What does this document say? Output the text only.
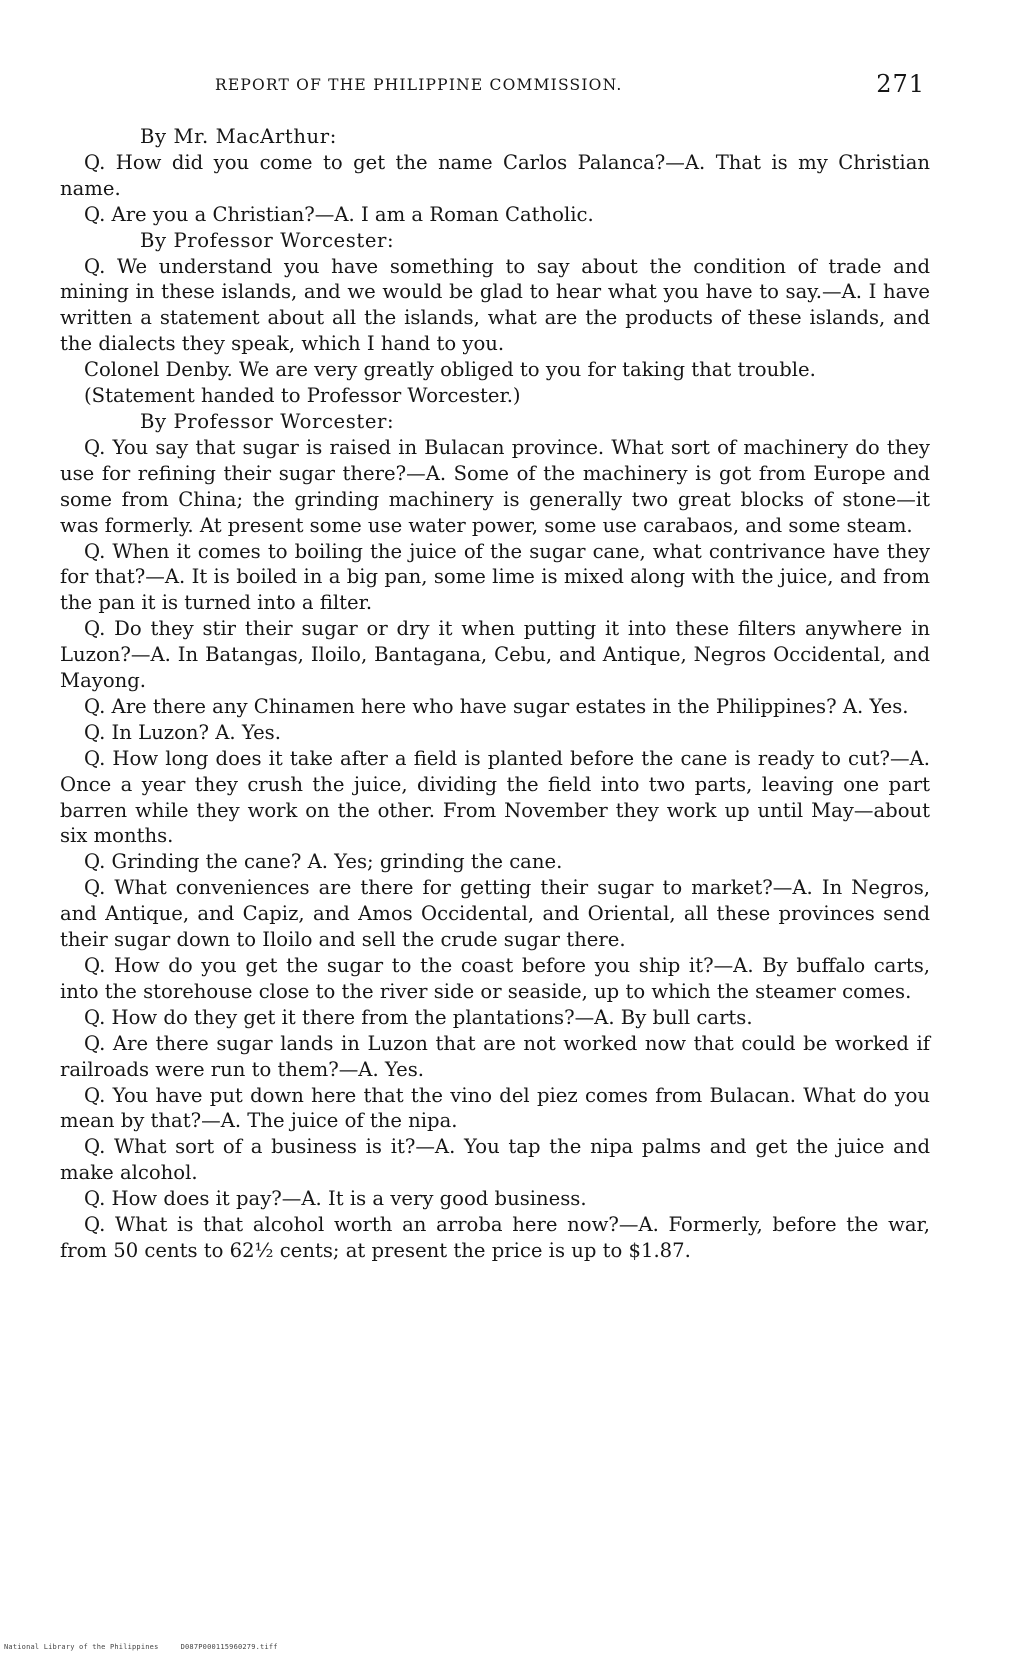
REPORT OF THE PHILIPPINE COMMISSION.	271

By Mr. MacArthur:

Q. How did you come to get the name Carlos Palanca?—A. That is my Christian name.

Q. Are you a Christian?—A. I am a Roman Catholic.

By Professor Worcester:

Q. We understand you have something to say about the condition of trade and mining in these islands, and we would be glad to hear what you have to say.—A. I have written a statement about all the islands, what are the products of these islands, and the dialects they speak, which I hand to you.

Colonel Denby. We are very greatly obliged to you for taking that trouble.

(Statement handed to Professor Worcester.)

By Professor Worcester:

Q. You say that sugar is raised in Bulacan province. What sort of machinery do they use for refining their sugar there?—A. Some of the machinery is got from Europe and some from China; the grinding machinery is generally two great blocks of stone—it was formerly. At present some use water power, some use carabaos, and some steam.

Q. When it comes to boiling the juice of the sugar cane, what contrivance have they for that?—A. It is boiled in a big pan, some lime is mixed along with the juice, and from the pan it is turned into a filter.

Q. Do they stir their sugar or dry it when putting it into these filters anywhere in Luzon?—A. In Batangas, Iloilo, Bantagana, Cebu, and Antique, Negros Occidental, and Mayong.

Q. Are there any Chinamen here who have sugar estates in the Philippines? A. Yes.

Q. In Luzon? A. Yes.

Q. How long does it take after a field is planted before the cane is ready to cut?—A. Once a year they crush the juice, dividing the field into two parts, leaving one part barren while they work on the other. From November they work up until May—about six months.

Q. Grinding the cane? A. Yes; grinding the cane.

Q. What conveniences are there for getting their sugar to market?—A. In Negros, and Antique, and Capiz, and Amos Occidental, and Oriental, all these provinces send their sugar down to Iloilo and sell the crude sugar there.

Q. How do you get the sugar to the coast before you ship it?—A. By buffalo carts, into the storehouse close to the river side or seaside, up to which the steamer comes.

Q. How do they get it there from the plantations?—A. By bull carts.

Q. Are there sugar lands in Luzon that are not worked now that could be worked if railroads were run to them?—A. Yes.

Q. You have put down here that the vino del piez comes from Bulacan. What do you mean by that?—A. The juice of the nipa.

Q. What sort of a business is it?—A. You tap the nipa palms and get the juice and make alcohol.

Q. How does it pay?—A. It is a very good business.

Q. What is that alcohol worth an arroba here now?—A. Formerly, before the war, from 50 cents to 62½ cents; at present the price is up to $1.87.

National Library of the Philippines	D087P000115960279.tiff
